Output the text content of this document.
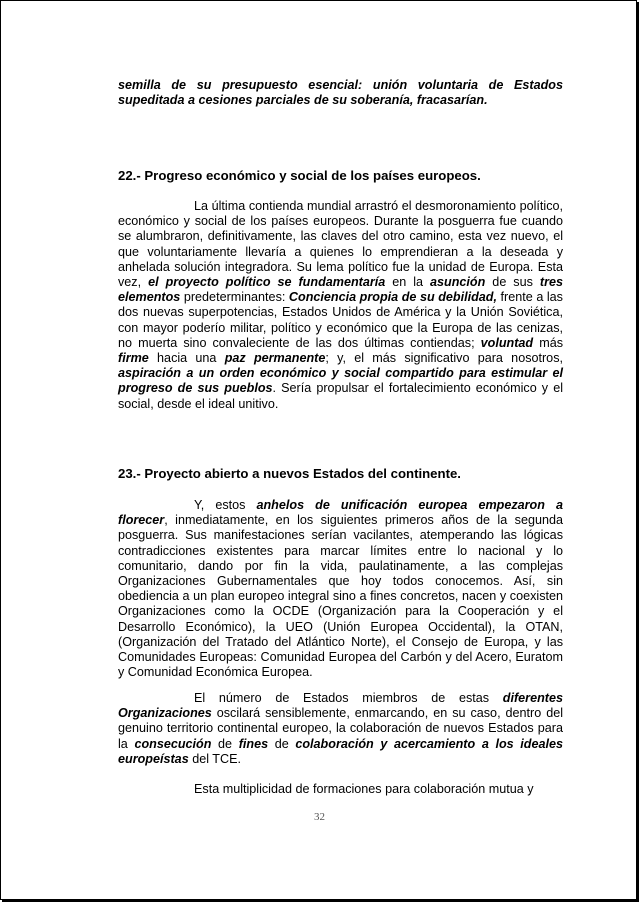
semilla de su presupuesto esencial: unión voluntaria de Estados supeditada a cesiones parciales de su soberanía, fracasarían.
22.- Progreso económico y social de los países europeos.
La última contienda mundial arrastró el desmoronamiento político, económico y social de los países europeos. Durante la posguerra fue cuando se alumbraron, definitivamente, las claves del otro camino, esta vez nuevo, el que voluntariamente llevaría a quienes lo emprendieran a la deseada y anhelada solución integradora. Su lema político fue la unidad de Europa. Esta vez, el proyecto político se fundamentaría en la asunción de sus tres elementos predeterminantes: Conciencia propia de su debilidad, frente a las dos nuevas superpotencias, Estados Unidos de América y la Unión Soviética, con mayor poderío militar, político y económico que la Europa de las cenizas, no muerta sino convaleciente de las dos últimas contiendas; voluntad más firme hacia una paz permanente; y, el más significativo para nosotros, aspiración a un orden económico y social compartido para estimular el progreso de sus pueblos. Sería propulsar el fortalecimiento económico y el social, desde el ideal unitivo.
23.- Proyecto abierto a nuevos Estados del continente.
Y, estos anhelos de unificación europea empezaron a florecer, inmediatamente, en los siguientes primeros años de la segunda posguerra. Sus manifestaciones serían vacilantes, atemperando las lógicas contradicciones existentes para marcar límites entre lo nacional y lo comunitario, dando por fin la vida, paulatinamente, a las complejas Organizaciones Gubernamentales que hoy todos conocemos. Así, sin obediencia a un plan europeo integral sino a fines concretos, nacen y coexisten Organizaciones como la OCDE (Organización para la Cooperación y el Desarrollo Económico), la UEO (Unión Europea Occidental), la OTAN, (Organización del Tratado del Atlántico Norte), el Consejo de Europa, y las Comunidades Europeas: Comunidad Europea del Carbón y del Acero, Euratom y Comunidad Económica Europea.
El número de Estados miembros de estas diferentes Organizaciones oscilará sensiblemente, enmarcando, en su caso, dentro del genuino territorio continental europeo, la colaboración de nuevos Estados para la consecución de fines de colaboración y acercamiento a los ideales europeístas del TCE.
Esta multiplicidad de formaciones para colaboración mutua y
32
